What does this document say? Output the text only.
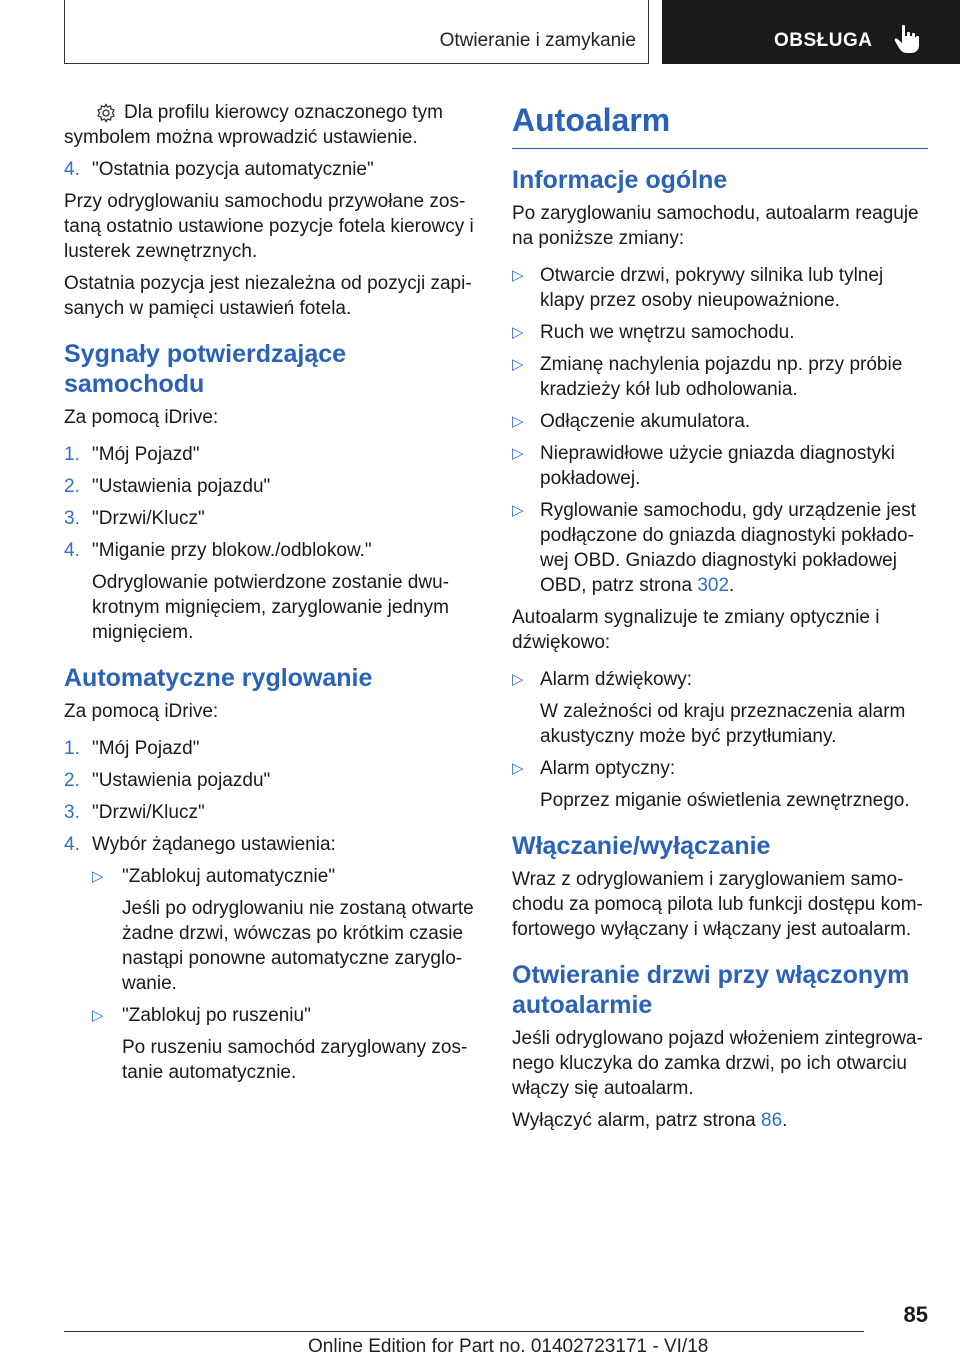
Otwieranie i zamykanie	OBSŁUGA

Dla profilu kierowcy oznaczonego tym symbolem można wprowadzić ustawienie.

4. "Ostatnia pozycja automatycznie"

Przy odryglowaniu samochodu przywołane zos- taną ostatnio ustawione pozycje fotela kierowcy i lusterek zewnętrznych.

Ostatnia pozycja jest niezależna od pozycji zapi- sanych w pamięci ustawień fotela.

Sygnały potwierdzające samochodu

Za pomocą iDrive:

1. "Mój Pojazd"
2. "Ustawienia pojazdu"
3. "Drzwi/Klucz"
4. "Miganie przy blokow./odblokow."
Odryglowanie potwierdzone zostanie dwu- krotnym mignięciem, zaryglowanie jednym mignięciem.
Automatyczne ryglowanie

Za pomocą iDrive:

1. "Mój Pojazd"
2. "Ustawienia pojazdu"
3. "Drzwi/Klucz"
4. Wybór żądanego ustawienia:
▷ "Zablokuj automatycznie"
Jeśli po odryglowaniu nie zostaną otwarte żadne drzwi, wówczas po krótkim czasie nastąpi ponowne automatyczne zaryglo- wanie.
▷ "Zablokuj po ruszeniu"
Po ruszeniu samochód zaryglowany zos- tanie automatycznie.
Autoalarm
Informacje ogólne

Po zaryglowaniu samochodu, autoalarm reaguje na poniższe zmiany:

▷ Otwarcie drzwi, pokrywy silnika lub tylnej klapy przez osoby nieupoważnione.
▷ Ruch we wnętrzu samochodu.
▷ Zmianę nachylenia pojazdu np. przy próbie kradzieży kół lub odholowania.
▷ Odłączenie akumulatora.
▷ Nieprawidłowe użycie gniazda diagnostyki pokładowej.
▷ Ryglowanie samochodu, gdy urządzenie jest podłączone do gniazda diagnostyki pokłado- wej OBD. Gniazdo diagnostyki pokładowej OBD, patrz strona 302.

Autoalarm sygnalizuje te zmiany optycznie i dźwiękowo:

▷ Alarm dźwiękowy:
W zależności od kraju przeznaczenia alarm akustyczny może być przytłumiany.
▷ Alarm optyczny:
Poprzez miganie oświetlenia zewnętrznego.
Włączanie/wyłączanie

Wraz z odryglowaniem i zaryglowaniem samo- chodu za pomocą pilota lub funkcji dostępu kom- fortowego wyłączany i włączany jest autoalarm.

Otwieranie drzwi przy włączonym autoalarmie

Jeśli odryglowano pojazd włożeniem zintegrowa- nego kluczyka do zamka drzwi, po ich otwarciu włączy się autoalarm.

Wyłączyć alarm, patrz strona 86.

85
Online Edition for Part no. 01402723171 - VI/18
